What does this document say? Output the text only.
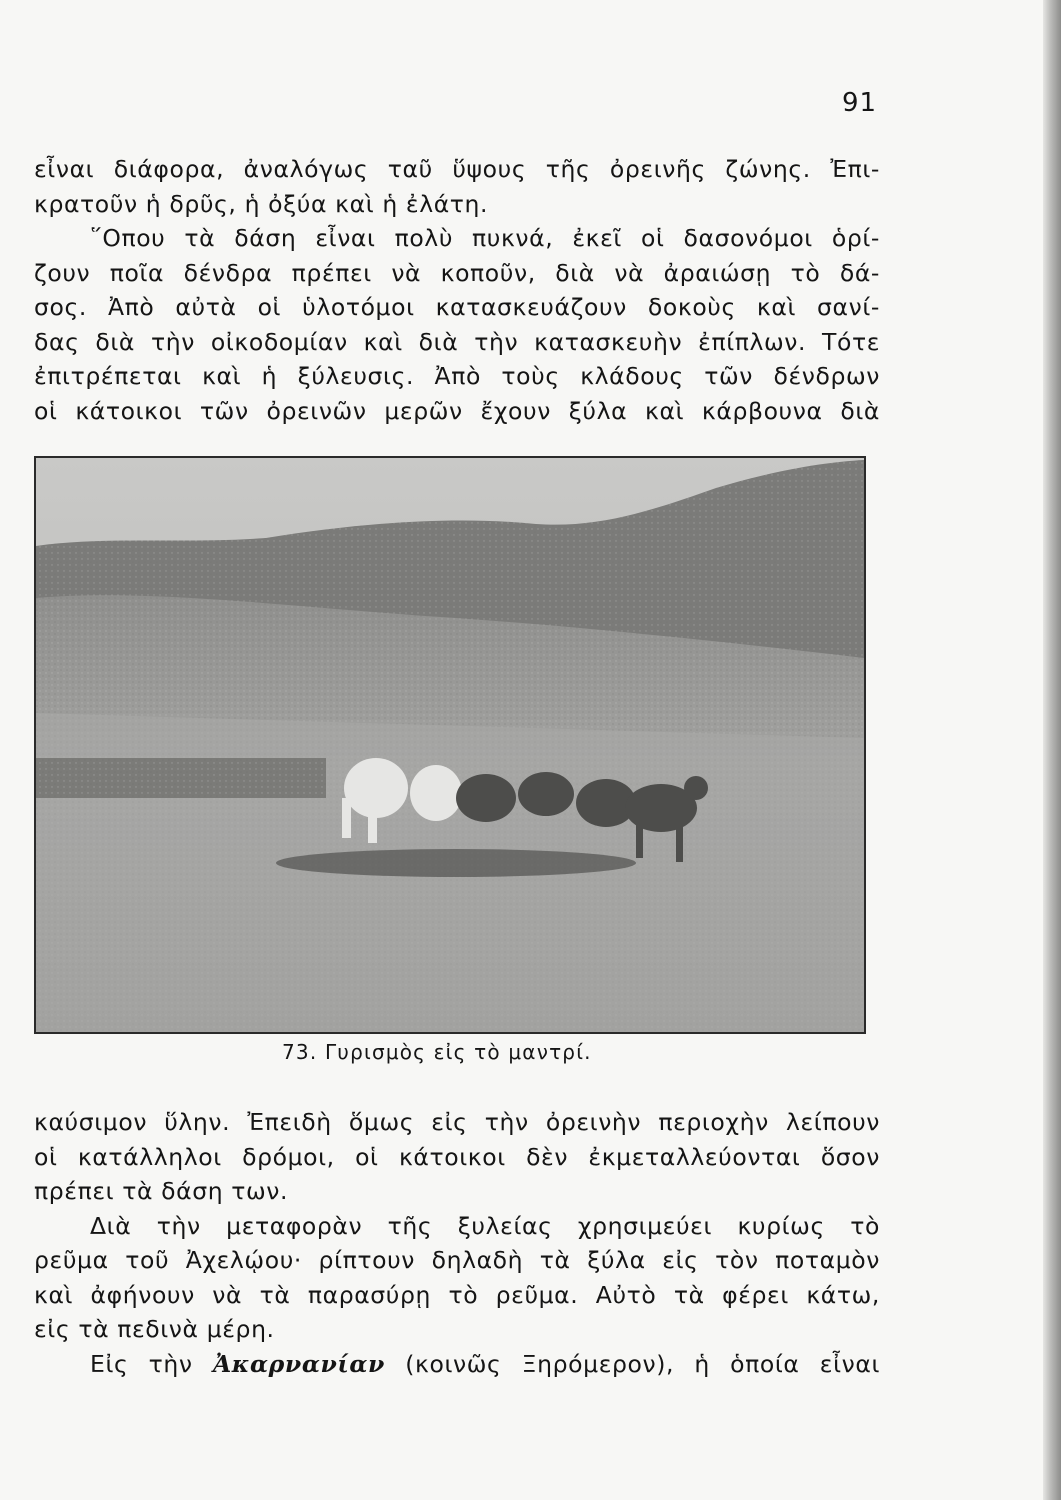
91
εἶναι διάφορα, ἀναλόγως ταῦ ὕψους τῆς ὀρεινῆς ζώνης. Ἐπι-
κρατοῦν ἡ δρῦς, ἡ ὀξύα καὶ ἡ ἐλάτη.
῞Οπου τὰ δάση εἶναι πολὺ πυκνά, ἐκεῖ οἱ δασονόμοι ὁρί-
ζουν ποῖα δένδρα πρέπει νὰ κοποῦν, διὰ νὰ ἀραιώσῃ τὸ δά-
σος. Ἀπὸ αὐτὰ οἱ ὑλοτόμοι κατασκευάζουν δοκοὺς καὶ σανί-
δας διὰ τὴν οἰκοδομίαν καὶ διὰ τὴν κατασκευὴν ἐπίπλων. Τότε
ἐπιτρέπεται καὶ ἡ ξύλευσις. Ἀπὸ τοὺς κλάδους τῶν δένδρων
οἱ κάτοικοι τῶν ὀρεινῶν μερῶν ἔχουν ξύλα καὶ κάρβουνα διὰ
73. Γυρισμὸς εἰς τὸ μαντρί.
καύσιμον ὕλην. Ἐπειδὴ ὅμως εἰς τὴν ὀρεινὴν περιοχὴν λείπουν
οἱ κατάλληλοι δρόμοι, οἱ κάτοικοι δὲν ἐκμεταλλεύονται ὅσον
πρέπει τὰ δάση των.
Διὰ τὴν μεταφορὰν τῆς ξυλείας χρησιμεύει κυρίως τὸ
ρεῦμα τοῦ Ἀχελῴου· ρίπτουν δηλαδὴ τὰ ξύλα εἰς τὸν ποταμὸν
καὶ ἀφήνουν νὰ τὰ παρασύρῃ τὸ ρεῦμα. Αὐτὸ τὰ φέρει κάτω,
εἰς τὰ πεδινὰ μέρη.
Εἰς τὴν Ἀκαρνανίαν (κοινῶς Ξηρόμερον), ἡ ὁποία εἶναι
